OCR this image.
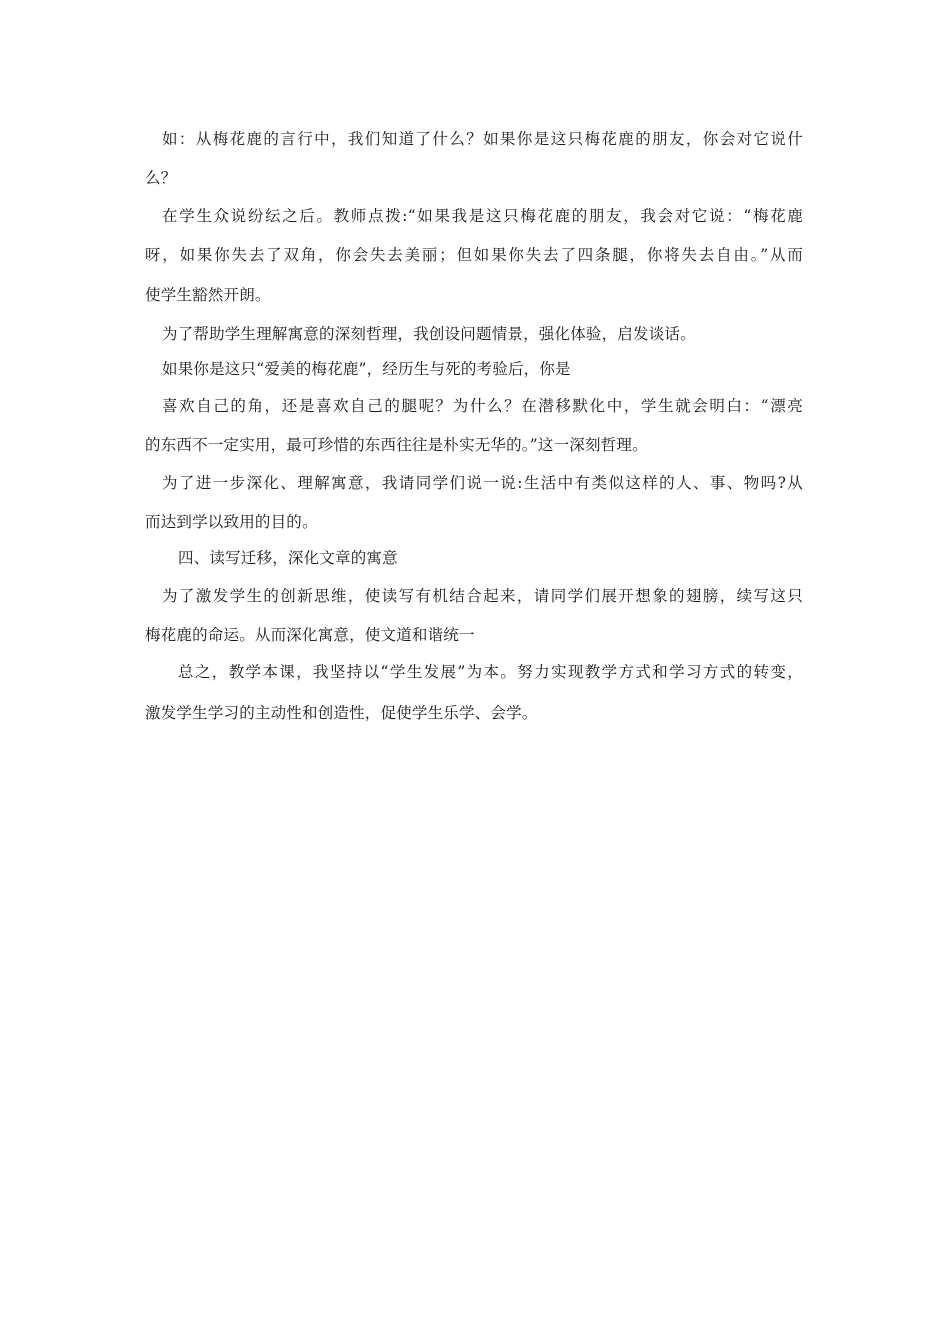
如：从梅花鹿的言行中，我们知道了什么？如果你是这只梅花鹿的朋友，你会对它说什
么？
在学生众说纷纭之后。教师点拨:“如果我是这只梅花鹿的朋友，我会对它说：“梅花鹿
呀，如果你失去了双角，你会失去美丽；但如果你失去了四条腿，你将失去自由。”从而
使学生豁然开朗。
为了帮助学生理解寓意的深刻哲理，我创设问题情景，强化体验，启发谈话。
如果你是这只“爱美的梅花鹿”，经历生与死的考验后，你是
喜欢自己的角，还是喜欢自己的腿呢？为什么？在潜移默化中，学生就会明白：“漂亮
的东西不一定实用，最可珍惜的东西往往是朴实无华的。”这一深刻哲理。
为了进一步深化、理解寓意，我请同学们说一说:生活中有类似这样的人、事、物吗?从
而达到学以致用的目的。
四、读写迁移，深化文章的寓意
为了激发学生的创新思维，使读写有机结合起来，请同学们展开想象的翅膀，续写这只
梅花鹿的命运。从而深化寓意，使文道和谐统一
总之，教学本课，我坚持以“学生发展”为本。努力实现教学方式和学习方式的转变，
激发学生学习的主动性和创造性，促使学生乐学、会学。
